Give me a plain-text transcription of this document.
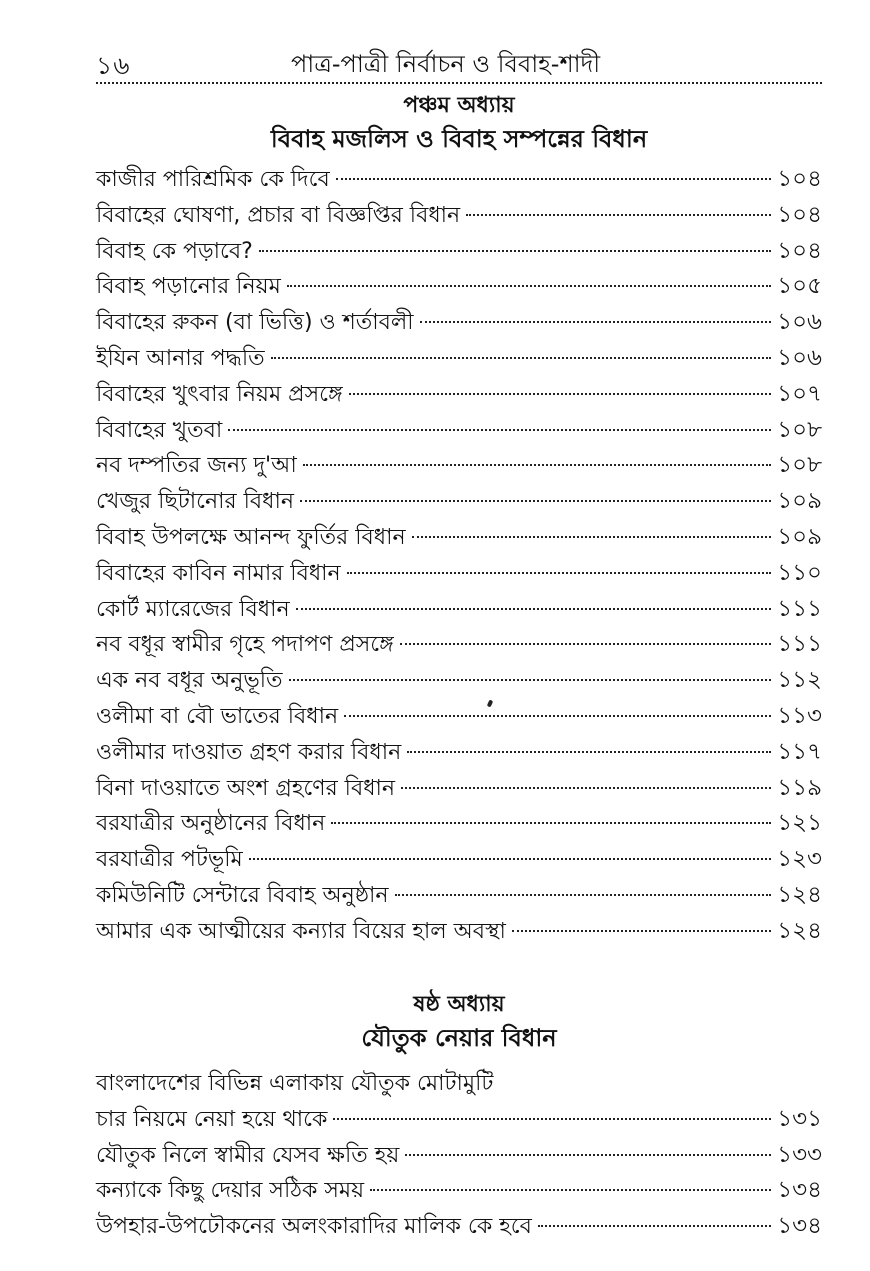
১৬	পাত্র-পাত্রী নির্বাচন ও বিবাহ-শাদী
পঞ্চম অধ্যায়
বিবাহ মজলিস ও বিবাহ সম্পন্নের বিধান
কাজীর পারিশ্রমিক কে দিবে	১০৪
বিবাহের ঘোষণা, প্রচার বা বিজ্ঞপ্তির বিধান	১০৪
বিবাহ কে পড়াবে?	১০৪
বিবাহ পড়ানোর নিয়ম	১০৫
বিবাহের রুকন (বা ভিত্তি) ও শর্তাবলী	১০৬
ইযিন আনার পদ্ধতি	১০৬
বিবাহের খুৎবার নিয়ম প্রসঙ্গে	১০৭
বিবাহের খুতবা	১০৮
নব দম্পতির জন্য দু'আ	১০৮
খেজুর ছিটানোর বিধান	১০৯
বিবাহ উপলক্ষে আনন্দ ফুর্তির বিধান	১০৯
বিবাহের কাবিন নামার বিধান	১১০
কোর্ট ম্যারেজের বিধান	১১১
নব বধূর স্বামীর গৃহে পদাপণ প্রসঙ্গে	১১১
এক নব বধূর অনুভূতি	১১২
ওলীমা বা বৌ ভাতের বিধান	১১৩
ওলীমার দাওয়াত গ্রহণ করার বিধান	১১৭
বিনা দাওয়াতে অংশ গ্রহণের বিধান	১১৯
বরযাত্রীর অনুষ্ঠানের বিধান	১২১
বরযাত্রীর পটভূমি	১২৩
কমিউনিটি সেন্টারে বিবাহ অনুষ্ঠান	১২৪
আমার এক আত্মীয়ের কন্যার বিয়ের হাল অবস্থা	১২৪
ষষ্ঠ অধ্যায়
যৌতুক নেয়ার বিধান
বাংলাদেশের বিভিন্ন এলাকায় যৌতুক মোটামুটি
চার নিয়মে নেয়া হয়ে থাকে	১৩১
যৌতুক নিলে স্বামীর যেসব ক্ষতি হয়	১৩৩
কন্যাকে কিছু দেয়ার সঠিক সময়	১৩৪
উপহার-উপঢৌকনের অলংকারাদির মালিক কে হবে	১৩৪
